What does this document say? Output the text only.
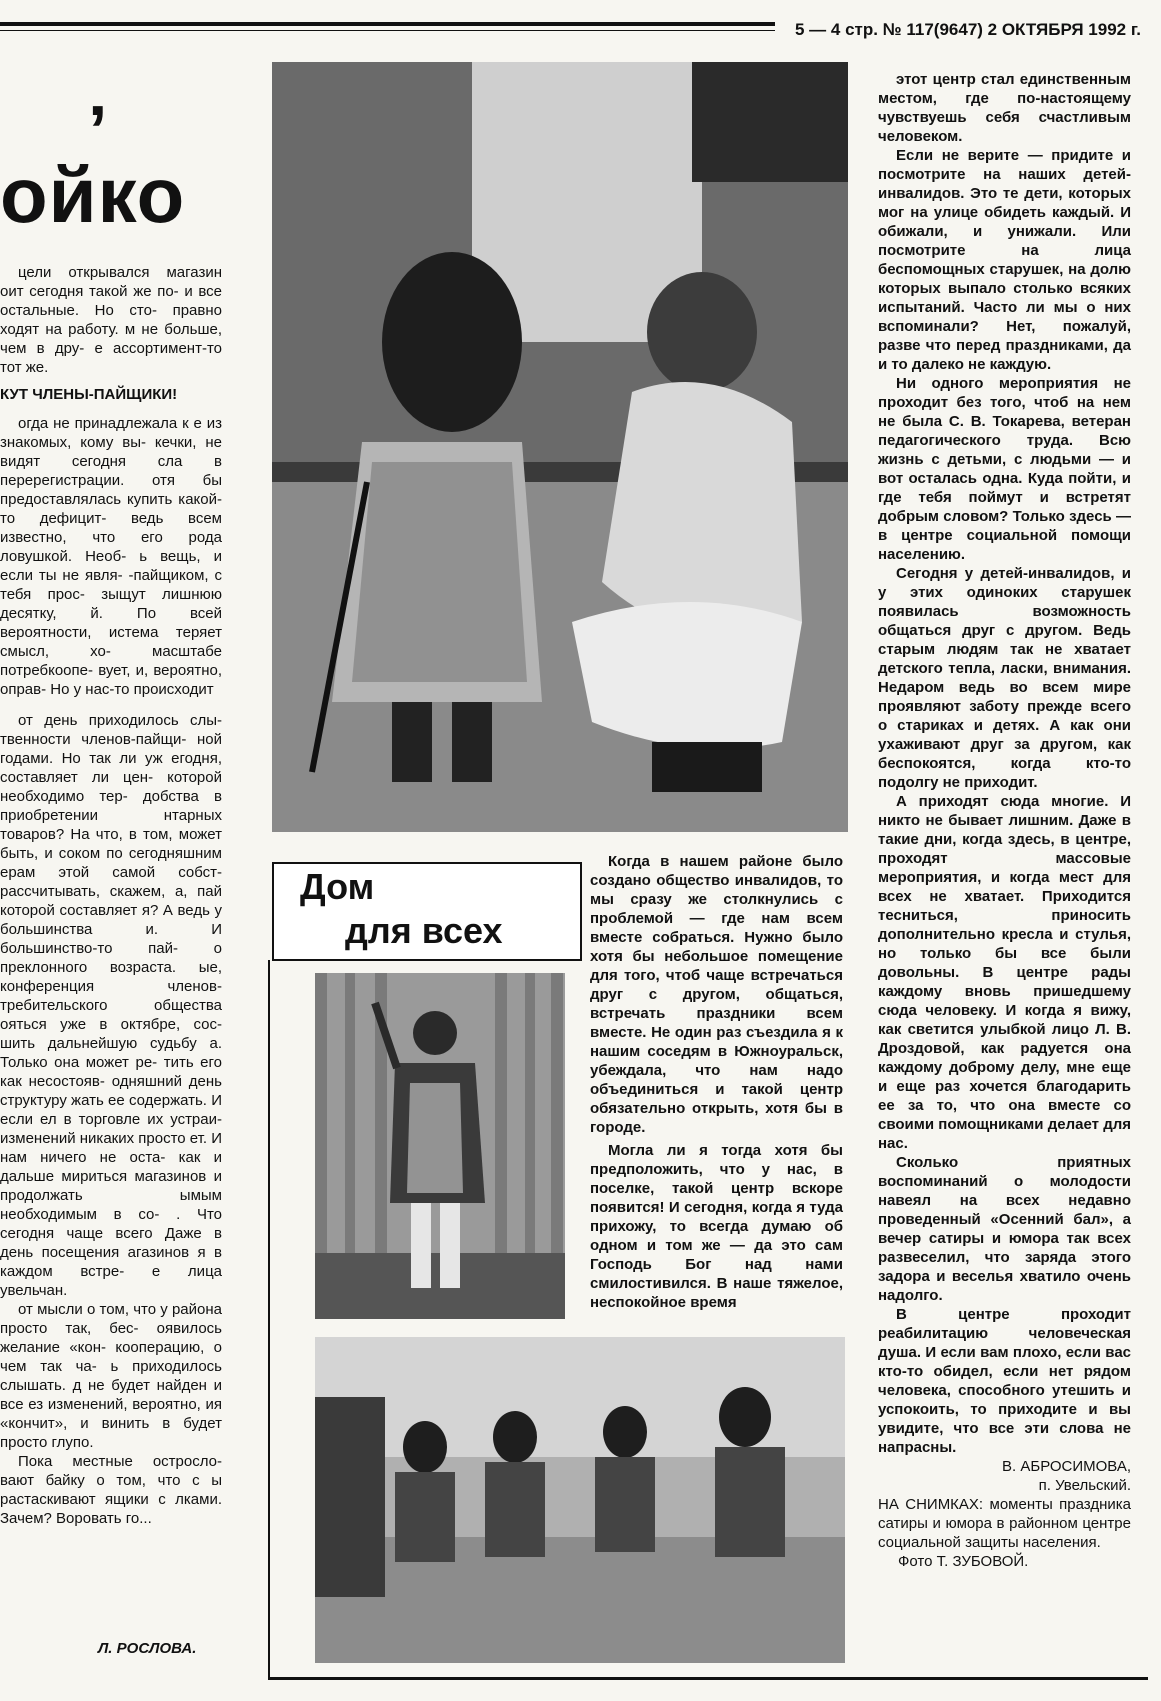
5 — 4 стр. № 117(9647) 2 ОКТЯБРЯ 1992 г.
’
ойко

цели открывался магазин оит сегодня такой же по- и все остальные. Но сто- правно ходят на работу. м не больше, чем в дру- е ассортимент-то тот же.

КУТ ЧЛЕНЫ-ПАЙЩИКИ!

огда не принадлежала к е из знакомых, кому вы- кечки, не видят сегодня сла в перерегистрации. отя бы предоставлялась купить какой-то дефицит- ведь всем известно, что его рода ловушкой. Необ- ь вещь, и если ты не явля- -пайщиком, с тебя прос- зыщут лишнюю десятку, й. По всей вероятности, истема теряет смысл, хо- масштабе потребкоопе- вует, и, вероятно, оправ- Но у нас-то происходит

от день приходилось слы- твенности членов-пайщи- ной годами. Но так ли уж егодня, составляет ли цен- которой необходимо тер- добства в приобретении нтарных товаров? На что, в том, может быть, и соком по сегодняшним ерам этой самой собст- рассчитывать, скажем, а, пай которой составляет я? А ведь у большинства и. И большинство-то пай- о преклонного возраста. ые, конференция членов- требительского общества ояться уже в октябре, сос- шить дальнейшую судьбу а. Только она может ре- тить его как несостояв- одняшний день структуру жать ее содержать. И если ел в торговле их устраи- изменений никаких просто ет. И нам ничего не оста- как и дальше мириться магазинов и продолжать ымым необходимым в со- . Что сегодня чаще всего Даже в день посещения агазинов я в каждом встре- е лица увельчан.

от мысли о том, что у района просто так, бес- оявилось желание «кон- кооперацию, о чем так ча- ь приходилось слышать. д не будет найден и все ез изменений, вероятно, ия «кончит», и винить в будет просто глупо.

Пока местные остросло- вают байку о том, что с ы растаскивают ящики с лками. Зачем? Воровать го...

Л. РОСЛОВА.
Дом
для всех

Когда в нашем районе было создано общество инвалидов, то мы сразу же столкнулись с проблемой — где нам всем вместе собраться. Нужно было хотя бы небольшое помещение для того, чтоб чаще встречаться друг с другом, общаться, встречать праздники всем вместе. Не один раз съездила я к нашим соседям в Южноуральск, убеждала, что нам надо объединиться и такой центр обязательно открыть, хотя бы в городе.

Могла ли я тогда хотя бы предположить, что у нас, в поселке, такой центр вскоре появится! И сегодня, когда я туда прихожу, то всегда думаю об одном и том же — да это сам Господь Бог над нами смилостивился. В наше тяжелое, неспокойное время

этот центр стал единственным местом, где по-настоящему чувствуешь себя счастливым человеком.

Если не верите — придите и посмотрите на наших детей-инвалидов. Это те дети, которых мог на улице обидеть каждый. И обижали, и унижали. Или посмотрите на лица беспомощных старушек, на долю которых выпало столько всяких испытаний. Часто ли мы о них вспоминали? Нет, пожалуй, разве что перед праздниками, да и то далеко не каждую.

Ни одного мероприятия не проходит без того, чтоб на нем не была С. В. Токарева, ветеран педагогического труда. Всю жизнь с детьми, с людьми — и вот осталась одна. Куда пойти, и где тебя поймут и встретят добрым словом? Только здесь — в центре социальной помощи населению.

Сегодня у детей-инвалидов, и у этих одиноких старушек появилась возможность общаться друг с другом. Ведь старым людям так не хватает детского тепла, ласки, внимания. Недаром ведь во всем мире проявляют заботу прежде всего о стариках и детях. А как они ухаживают друг за другом, как беспокоятся, когда кто-то подолгу не приходит.

А приходят сюда многие. И никто не бывает лишним. Даже в такие дни, когда здесь, в центре, проходят массовые мероприятия, и когда мест для всех не хватает. Приходится тесниться, приносить дополнительно кресла и стулья, но только бы все были довольны. В центре рады каждому вновь пришедшему сюда человеку. И когда я вижу, как светится улыбкой лицо Л. В. Дроздовой, как радуется она каждому доброму делу, мне еще и еще раз хочется благодарить ее за то, что она вместе со своими помощниками делает для нас.

Сколько приятных воспоминаний о молодости навеял на всех недавно проведенный «Осенний бал», а вечер сатиры и юмора так всех развеселил, что заряда этого задора и веселья хватило очень надолго.

В центре проходит реабилитацию человеческая душа. И если вам плохо, если вас кто-то обидел, если нет рядом человека, способного утешить и успокоить, то приходите и вы увидите, что все эти слова не напрасны.

В. АБРОСИМОВА,

п. Увельский.

НА СНИМКАХ: моменты праздника сатиры и юмора в районном центре социальной защиты населения.

Фото Т. ЗУБОВОЙ.
